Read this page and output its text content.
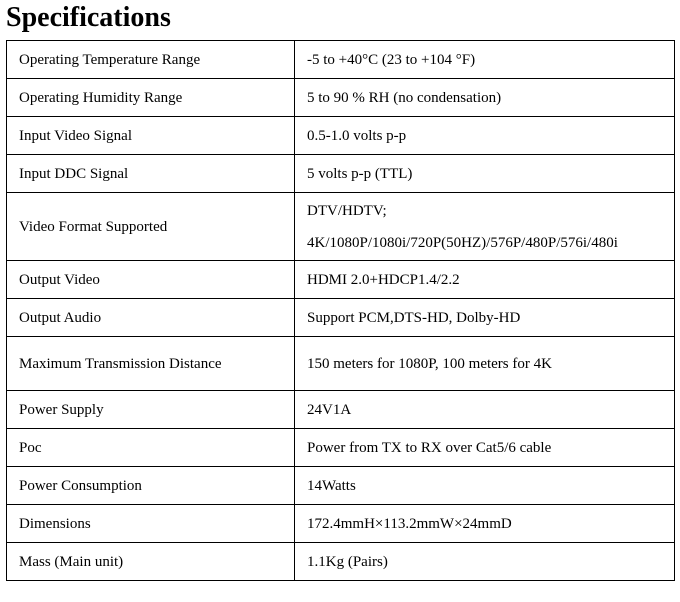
Specifications
Operating Temperature Range	-5 to +40°C (23 to +104 °F)
Operating Humidity Range	5 to 90 % RH (no condensation)
Input Video Signal	0.5-1.0 volts p-p
Input DDC Signal	5 volts p-p (TTL)
Video Format Supported	DTV/HDTV;
4K/1080P/1080i/720P(50HZ)/576P/480P/576i/480i

Output Video	HDMI 2.0+HDCP1.4/2.2
Output Audio	Support PCM,DTS-HD, Dolby-HD
Maximum Transmission Distance	150 meters for 1080P, 100 meters for 4K
Power Supply	24V1A
Poc	Power from TX to RX over Cat5/6 cable
Power Consumption	14Watts
Dimensions	172.4mmH×113.2mmW×24mmD
Mass (Main unit)	1.1Kg (Pairs)
